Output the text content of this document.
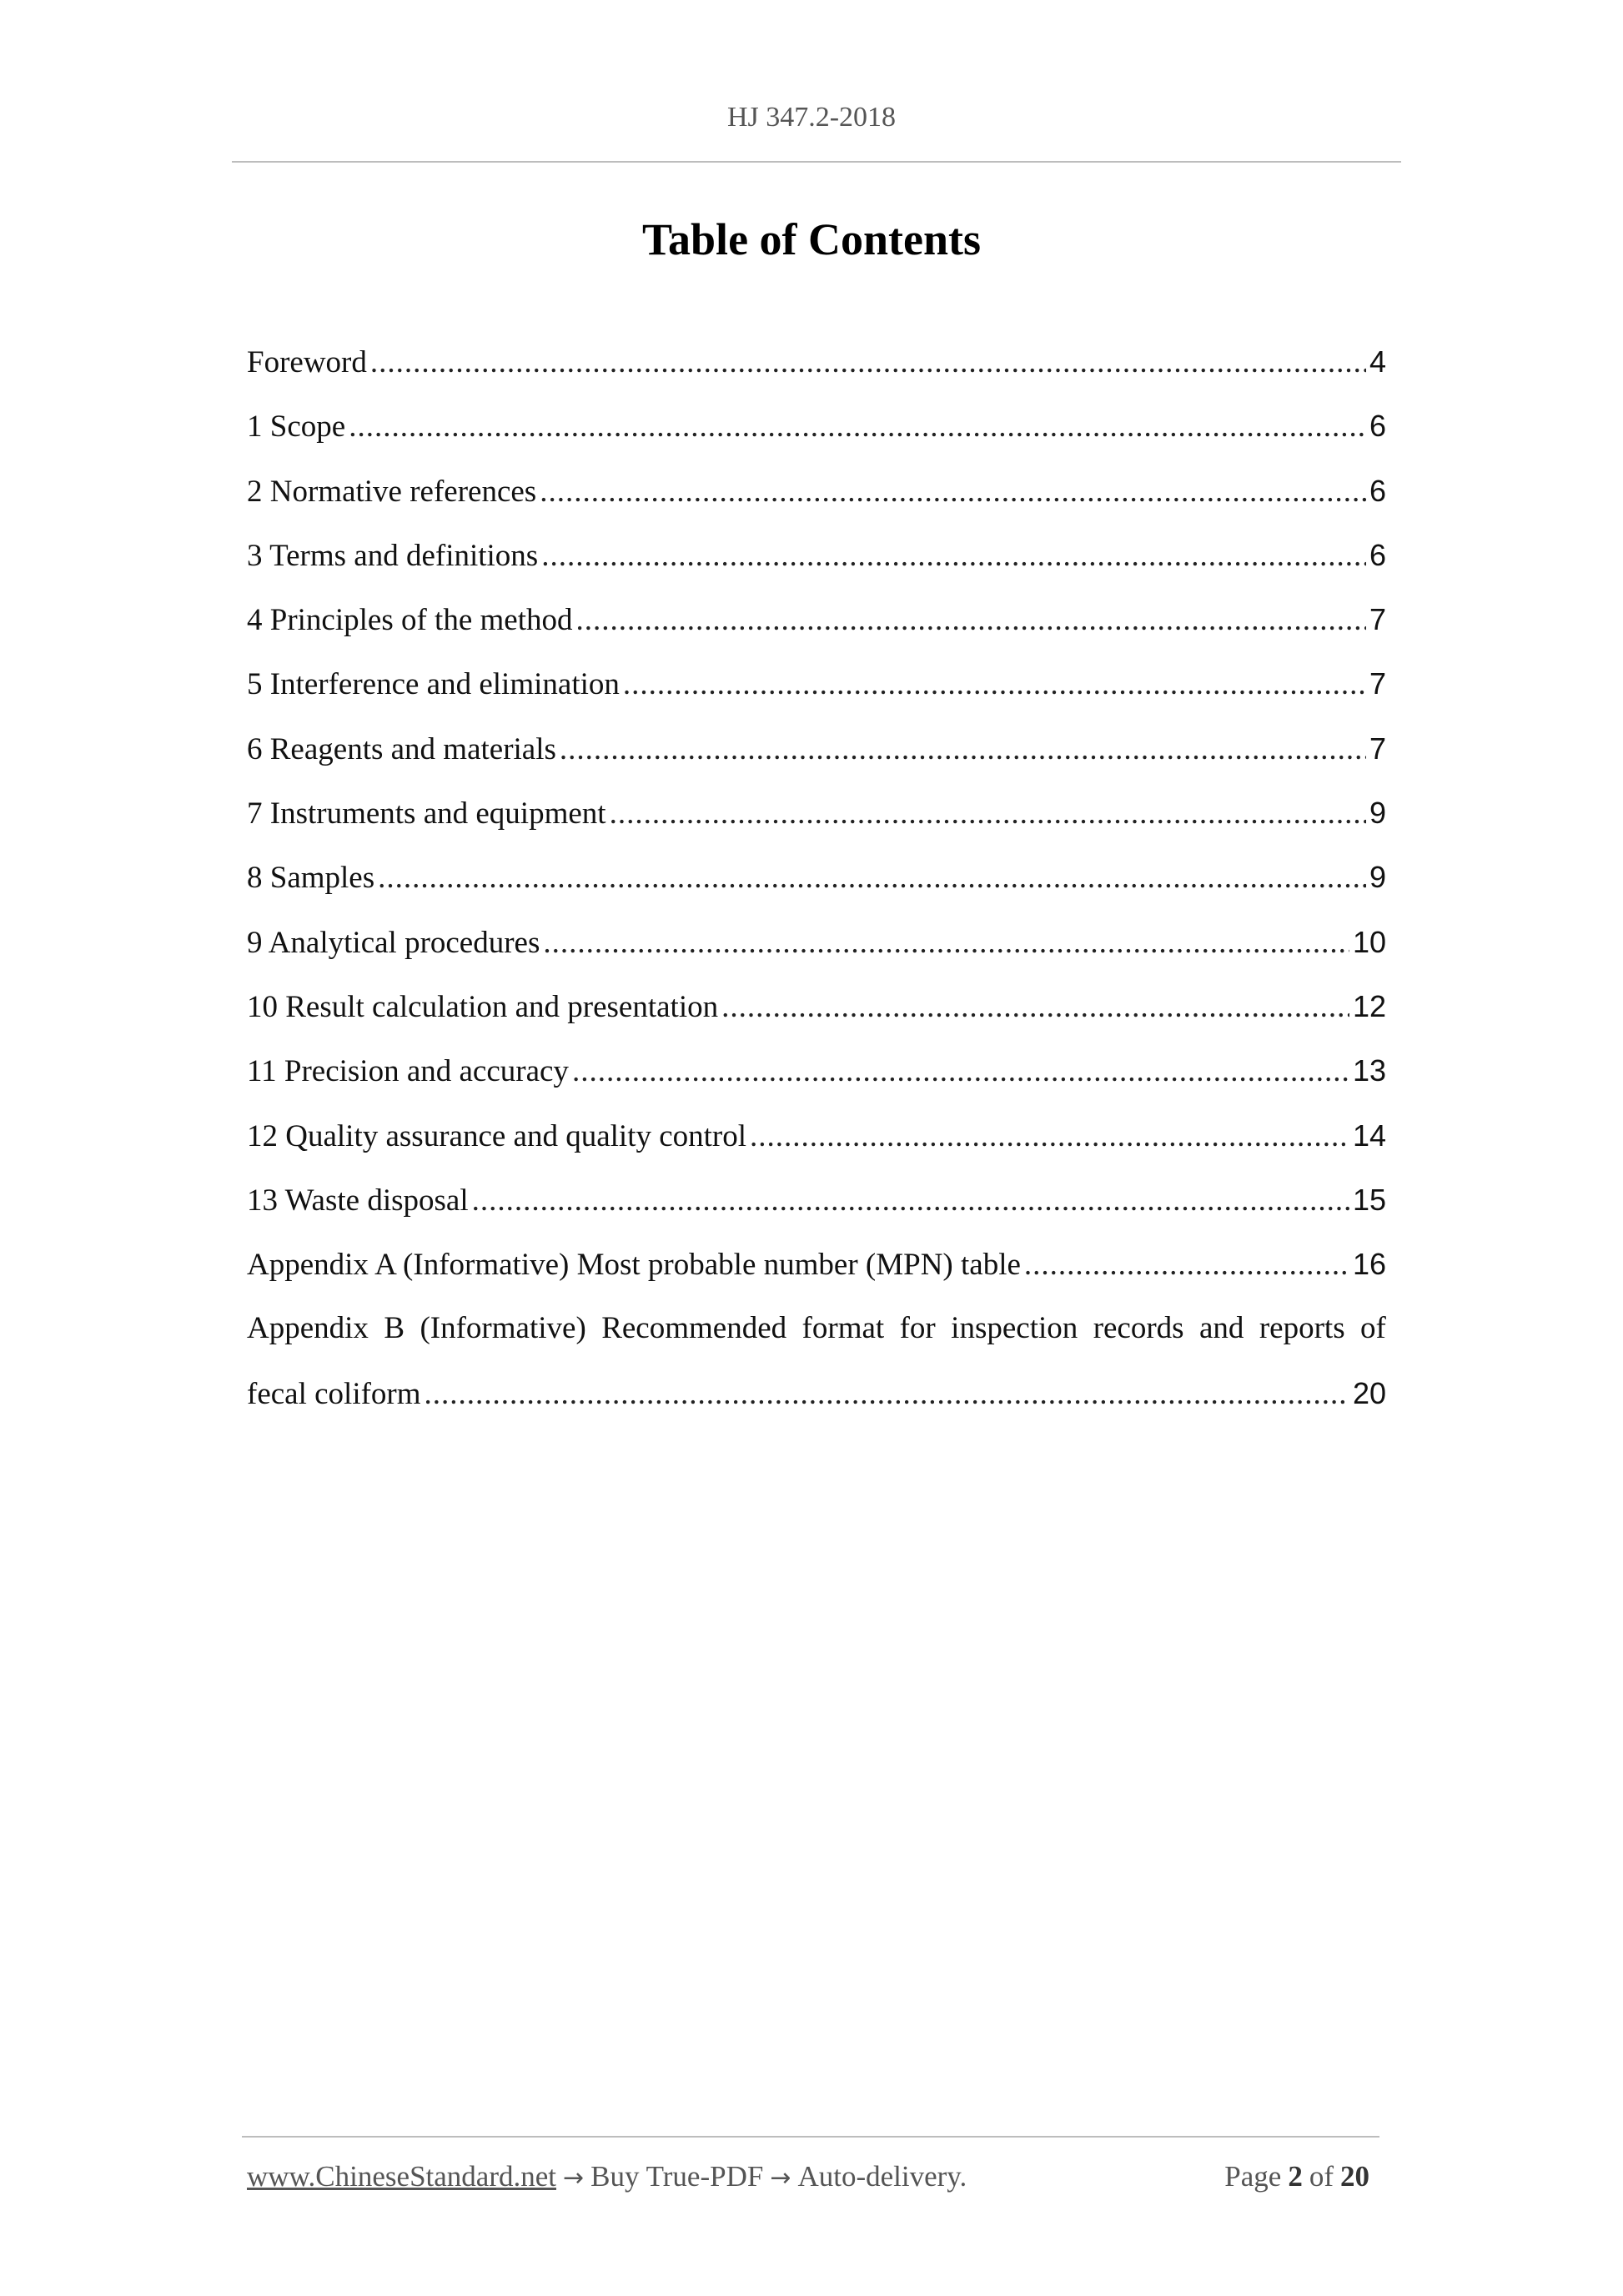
HJ 347.2-2018
Table of Contents
Foreword .....	4
1 Scope .....	6
2 Normative references .....	6
3 Terms and definitions .....	6
4 Principles of the method .....	7
5 Interference and elimination .....	7
6 Reagents and materials .....	7
7 Instruments and equipment .....	9
8 Samples .....	9
9 Analytical procedures .....	10
10 Result calculation and presentation .....	12
11 Precision and accuracy .....	13
12 Quality assurance and quality control .....	14
13 Waste disposal .....	15
Appendix A (Informative) Most probable number (MPN) table .....	16
Appendix B (Informative) Recommended format for inspection records and reports of
fecal coliform .....	20
www.ChineseStandard.net → Buy True-PDF → Auto-delivery.	Page 2 of 20
